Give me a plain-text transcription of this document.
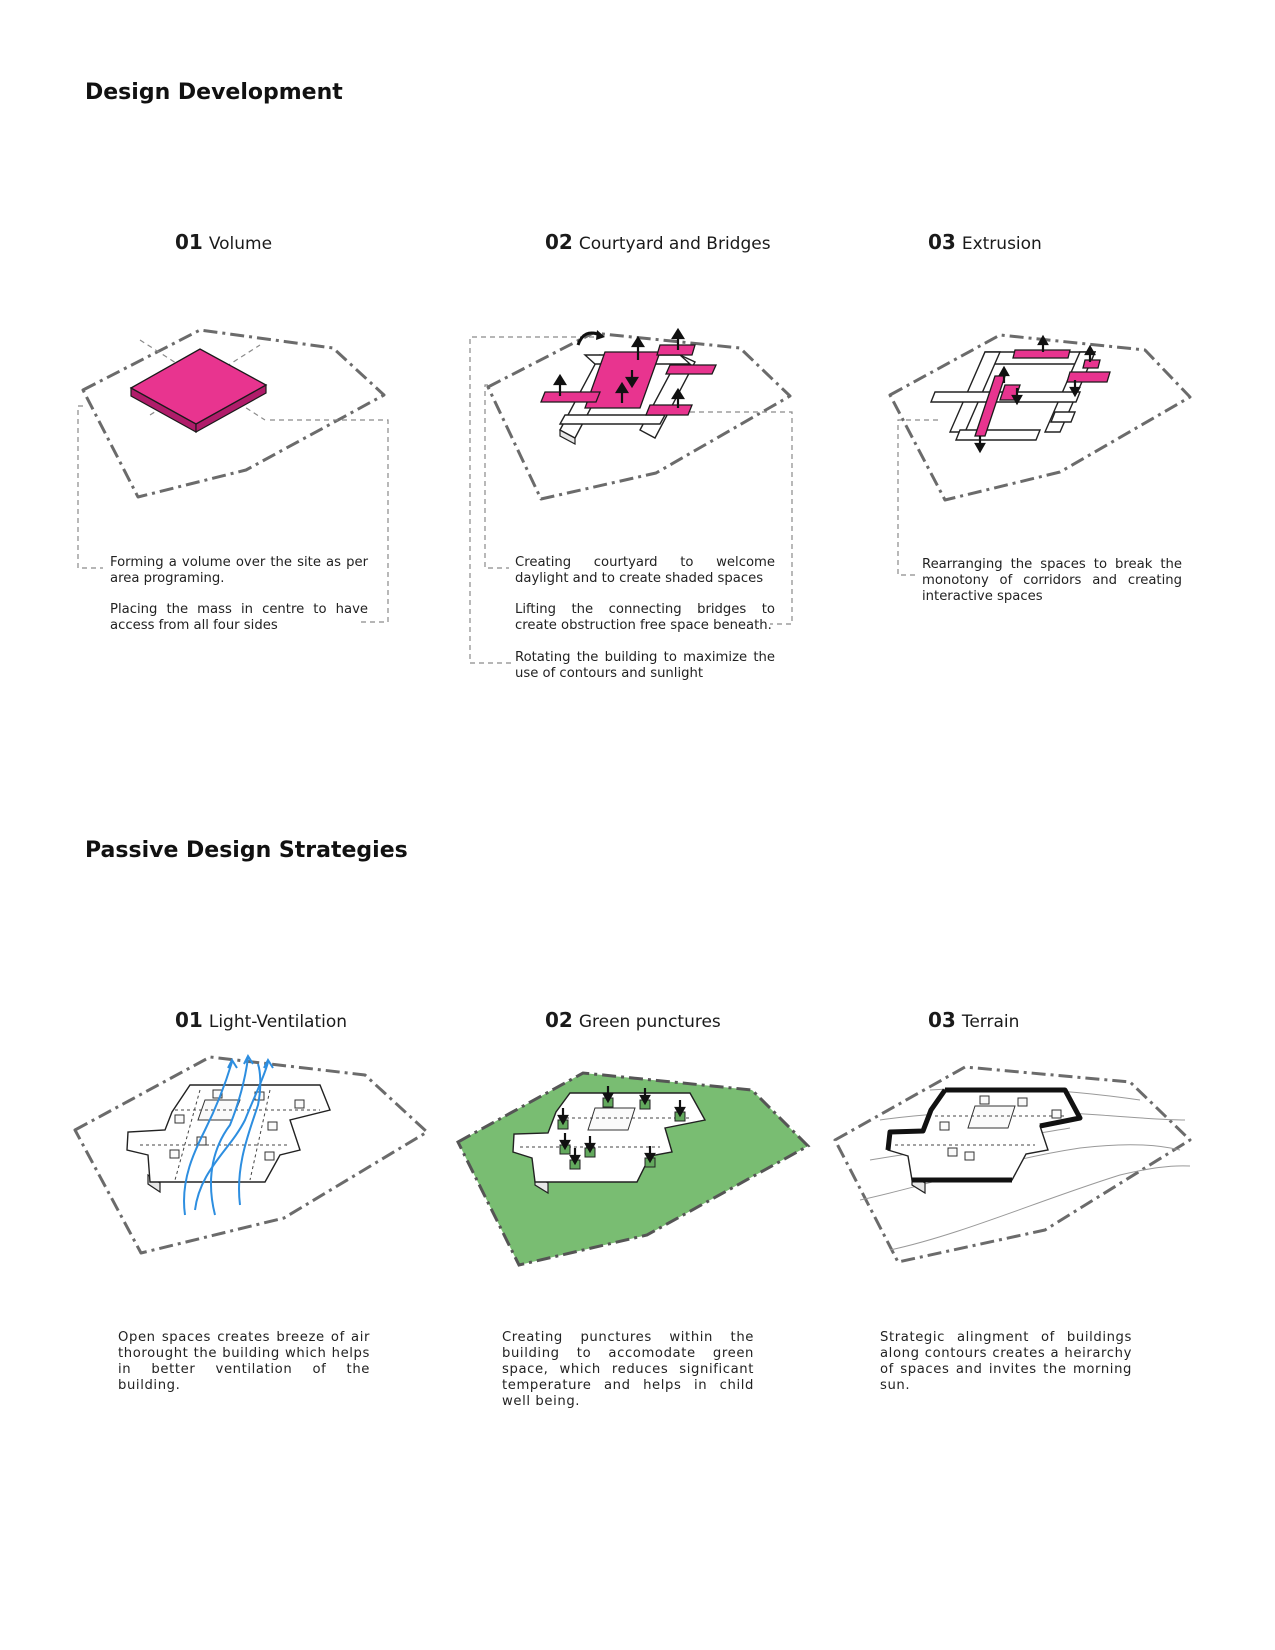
Design Development
01 Volume

Forming a volume over the site as per area programing.

Placing the mass in centre to have access from all four sides

02 Courtyard and Bridges

Creating courtyard to welcome daylight and to create shaded spaces

Lifting the connecting bridges to create obstruction free space beneath.

Rotating the building to maximize the use of contours and sunlight

03 Extrusion

Rearranging the spaces to break the monotony of corridors and creating interactive spaces

Passive Design Strategies
01 Light-Ventilation

Open spaces creates breeze of air thorought the building which helps in better ventilation of the building.

02 Green punctures

Creating punctures within the building to accomodate green space, which reduces significant temperature and helps in child well being.

03 Terrain

Strategic alingment of buildings along contours creates a heirarchy of spaces and invites the morning sun.
